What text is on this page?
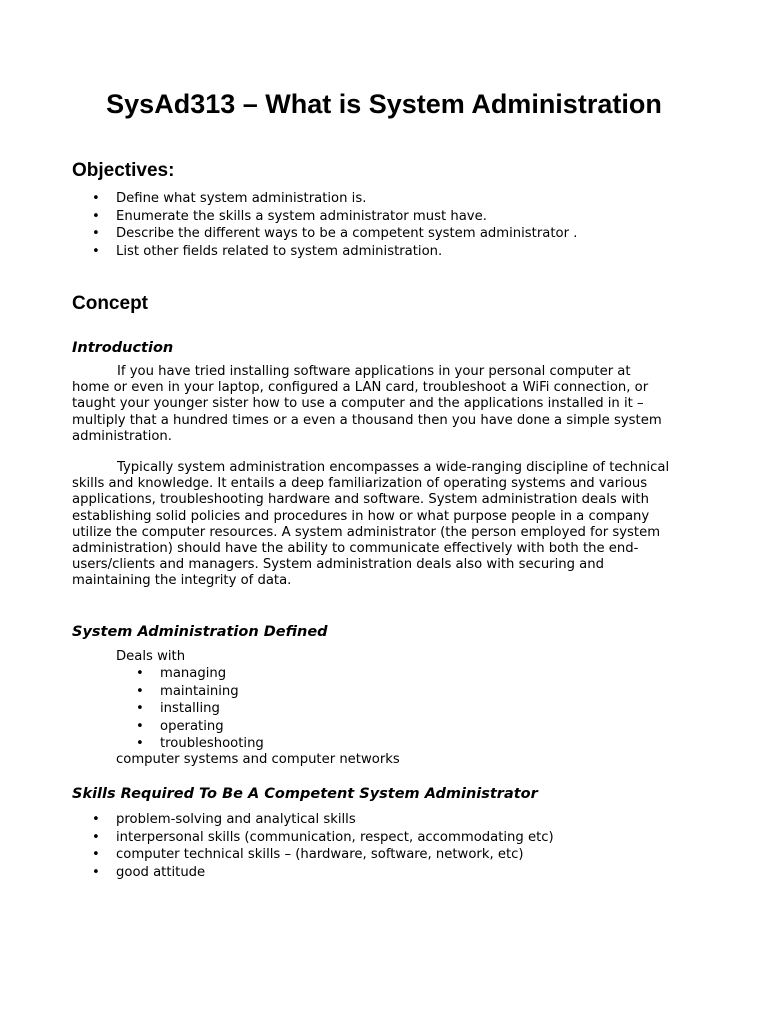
SysAd313 – What is System Administration
Objectives:
• Define what system administration is.
• Enumerate the skills a system administrator must have.
• Describe the different ways to be a competent system administrator .
• List other fields related to system administration.
Concept
Introduction

If you have tried installing software applications in your personal computer at
home or even in your laptop, configured a LAN card, troubleshoot a WiFi connection, or
taught your younger sister how to use a computer and the applications installed in it –
multiply that a hundred times or a even a thousand then you have done a simple system
administration.

Typically system administration encompasses a wide-ranging discipline of technical
skills and knowledge. It entails a deep familiarization of operating systems and various
applications, troubleshooting hardware and software. System administration deals with
establishing solid policies and procedures in how or what purpose people in a company
utilize the computer resources. A system administrator (the person employed for system
administration) should have the ability to communicate effectively with both the end-
users/clients and managers. System administration deals also with securing and
maintaining the integrity of data.

System Administration Defined

Deals with

• managing
• maintaining
• installing
• operating
• troubleshooting

computer systems and computer networks

Skills Required To Be A Competent System Administrator
• problem-solving and analytical skills
• interpersonal skills (communication, respect, accommodating etc)
• computer technical skills – (hardware, software, network, etc)
• good attitude
